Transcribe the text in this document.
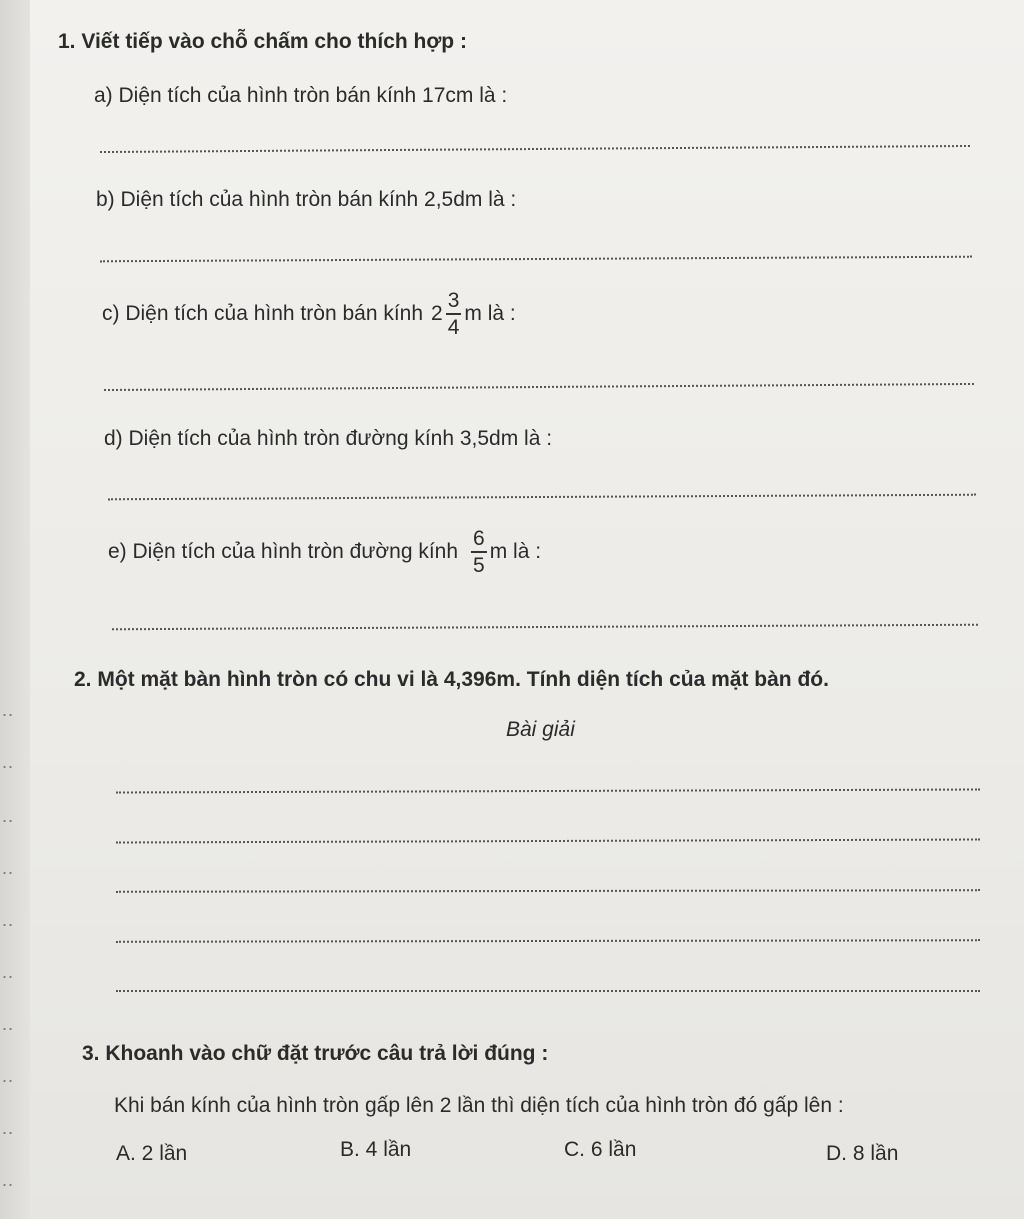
..
..
..
..
..
..
..
..
..
..
1. Viết tiếp vào chỗ chấm cho thích hợp :
a) Diện tích của hình tròn bán kính 17cm là :
b) Diện tích của hình tròn bán kính 2,5dm là :
c) Diện tích của hình tròn bán kính $2 \frac{3}{4}$ m là :
d) Diện tích của hình tròn đường kính 3,5dm là :
e) Diện tích của hình tròn đường kính $\frac{6}{5}$ m là :
2. Một mặt bàn hình tròn có chu vi là 4,396m. Tính diện tích của mặt bàn đó.
Bài giải
3. Khoanh vào chữ đặt trước câu trả lời đúng :
Khi bán kính của hình tròn gấp lên 2 lần thì diện tích của hình tròn đó gấp lên :
A. 2 lần	B. 4 lần	C. 6 lần	D. 8 lần
